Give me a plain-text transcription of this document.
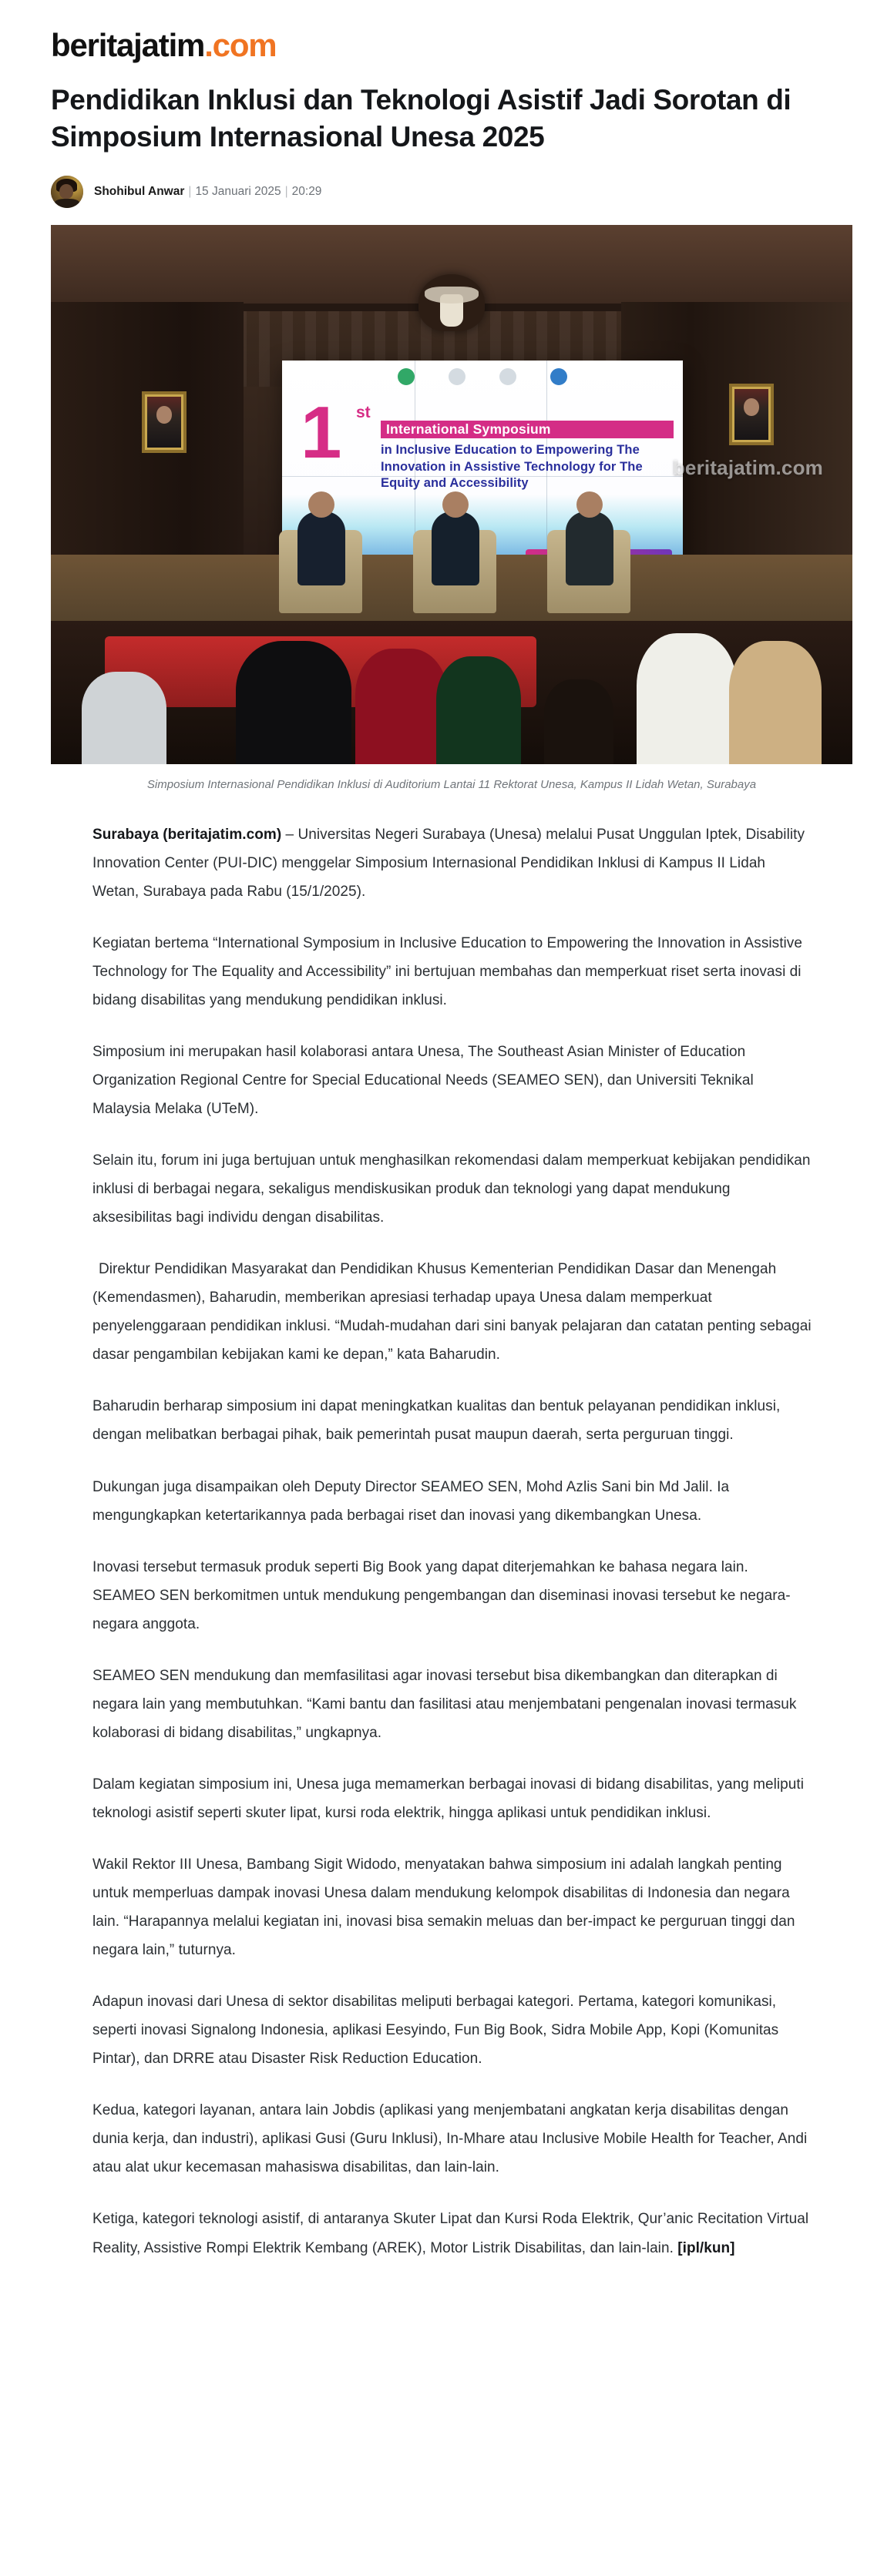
beritajatim.com
Pendidikan Inklusi dan Teknologi Asistif Jadi Sorotan di Simposium Internasional Unesa 2025
Shohibul Anwar | 15 Januari 2025 | 20:29
1 st
International Symposium
in Inclusive Education to Empowering The Innovation in Assistive Technology for The Equity and Accessibility
beritajatim.com
Simposium Internasional Pendidikan Inklusi di Auditorium Lantai 11 Rektorat Unesa, Kampus II Lidah Wetan, Surabaya

Surabaya (beritajatim.com) – Universitas Negeri Surabaya (Unesa) melalui Pusat Unggulan Iptek, Disability Innovation Center (PUI-DIC) menggelar Simposium Internasional Pendidikan Inklusi di Kampus II Lidah Wetan, Surabaya pada Rabu (15/1/2025).

Kegiatan bertema “International Symposium in Inclusive Education to Empowering the Innovation in Assistive Technology for The Equality and Accessibility” ini bertujuan membahas dan memperkuat riset serta inovasi di bidang disabilitas yang mendukung pendidikan inklusi.

Simposium ini merupakan hasil kolaborasi antara Unesa, The Southeast Asian Minister of Education Organization Regional Centre for Special Educational Needs (SEAMEO SEN), dan Universiti Teknikal Malaysia Melaka (UTeM).

Selain itu, forum ini juga bertujuan untuk menghasilkan rekomendasi dalam memperkuat kebijakan pendidikan inklusi di berbagai negara, sekaligus mendiskusikan produk dan teknologi yang dapat mendukung aksesibilitas bagi individu dengan disabilitas.

Direktur Pendidikan Masyarakat dan Pendidikan Khusus Kementerian Pendidikan Dasar dan Menengah (Kemendasmen), Baharudin, memberikan apresiasi terhadap upaya Unesa dalam memperkuat penyelenggaraan pendidikan inklusi. “Mudah-mudahan dari sini banyak pelajaran dan catatan penting sebagai dasar pengambilan kebijakan kami ke depan,” kata Baharudin.

Baharudin berharap simposium ini dapat meningkatkan kualitas dan bentuk pelayanan pendidikan inklusi, dengan melibatkan berbagai pihak, baik pemerintah pusat maupun daerah, serta perguruan tinggi.

Dukungan juga disampaikan oleh Deputy Director SEAMEO SEN, Mohd Azlis Sani bin Md Jalil. Ia mengungkapkan ketertarikannya pada berbagai riset dan inovasi yang dikembangkan Unesa.

Inovasi tersebut termasuk produk seperti Big Book yang dapat diterjemahkan ke bahasa negara lain. SEAMEO SEN berkomitmen untuk mendukung pengembangan dan diseminasi inovasi tersebut ke negara-negara anggota.

SEAMEO SEN mendukung dan memfasilitasi agar inovasi tersebut bisa dikembangkan dan diterapkan di negara lain yang membutuhkan. “Kami bantu dan fasilitasi atau menjembatani pengenalan inovasi termasuk kolaborasi di bidang disabilitas,” ungkapnya.

Dalam kegiatan simposium ini, Unesa juga memamerkan berbagai inovasi di bidang disabilitas, yang meliputi teknologi asistif seperti skuter lipat, kursi roda elektrik, hingga aplikasi untuk pendidikan inklusi.

Wakil Rektor III Unesa, Bambang Sigit Widodo, menyatakan bahwa simposium ini adalah langkah penting untuk memperluas dampak inovasi Unesa dalam mendukung kelompok disabilitas di Indonesia dan negara lain. “Harapannya melalui kegiatan ini, inovasi bisa semakin meluas dan ber-impact ke perguruan tinggi dan negara lain,” tuturnya.

Adapun inovasi dari Unesa di sektor disabilitas meliputi berbagai kategori. Pertama, kategori komunikasi, seperti inovasi Signalong Indonesia, aplikasi Eesyindo, Fun Big Book, Sidra Mobile App, Kopi (Komunitas Pintar), dan DRRE atau Disaster Risk Reduction Education.

Kedua, kategori layanan, antara lain Jobdis (aplikasi yang menjembatani angkatan kerja disabilitas dengan dunia kerja, dan industri), aplikasi Gusi (Guru Inklusi), In-Mhare atau Inclusive Mobile Health for Teacher, Andi atau alat ukur kecemasan mahasiswa disabilitas, dan lain-lain.

Ketiga, kategori teknologi asistif, di antaranya Skuter Lipat dan Kursi Roda Elektrik, Qur’anic Recitation Virtual Reality, Assistive Rompi Elektrik Kembang (AREK), Motor Listrik Disabilitas, dan lain-lain. [ipl/kun]
